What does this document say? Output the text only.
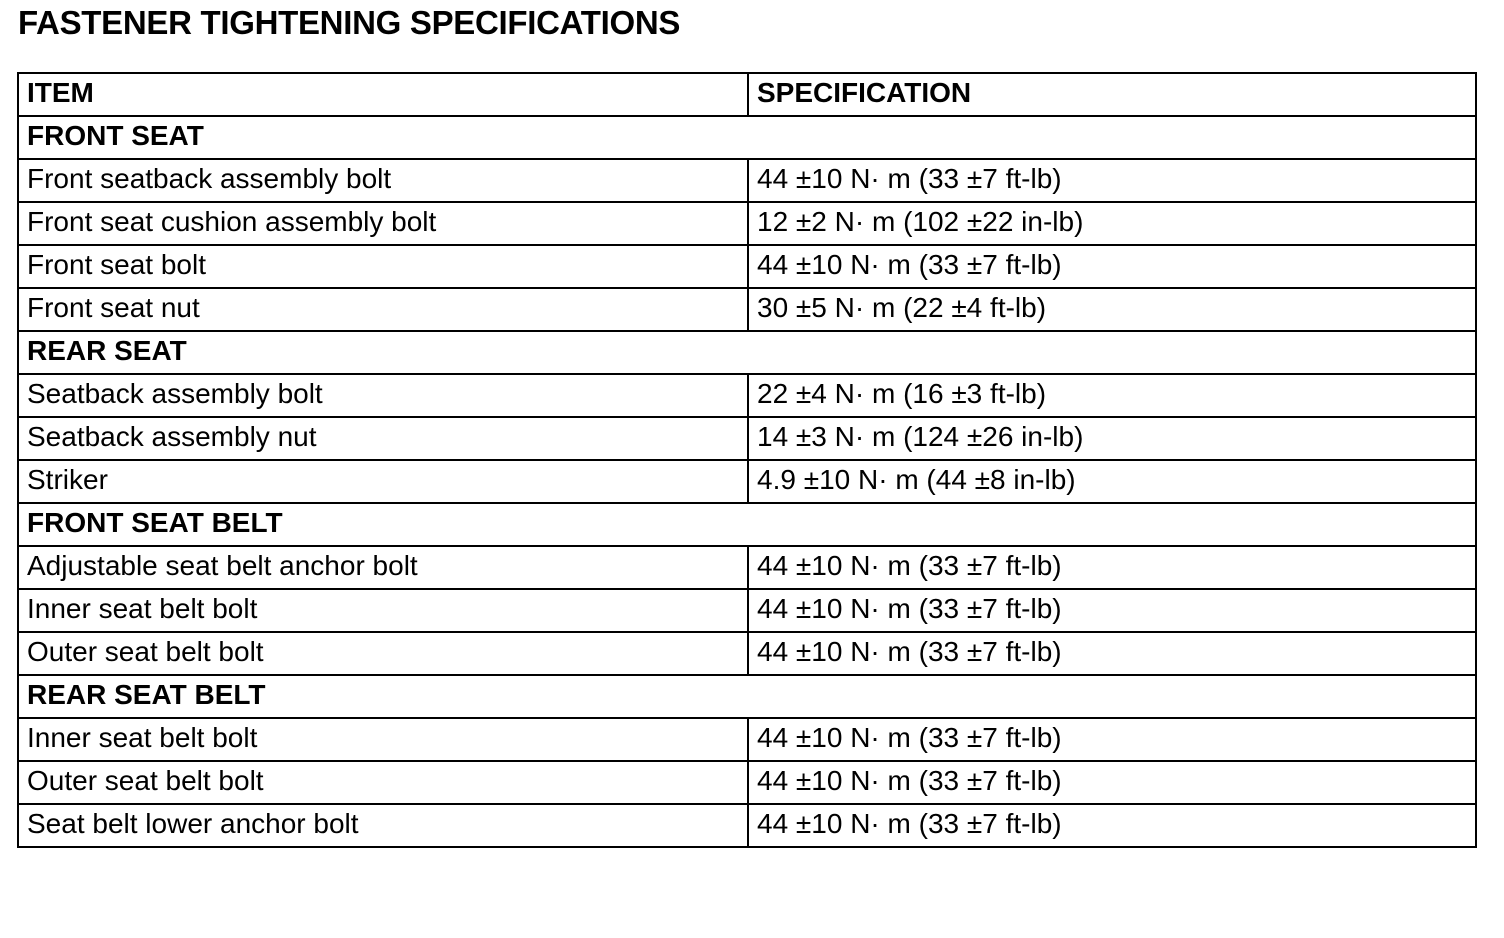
FASTENER TIGHTENING SPECIFICATIONS
ITEM	SPECIFICATION
FRONT SEAT	
Front seatback assembly bolt	44 ±10 N· m (33 ±7 ft-lb)
Front seat cushion assembly bolt	12 ±2 N· m (102 ±22 in-lb)
Front seat bolt	44 ±10 N· m (33 ±7 ft-lb)
Front seat nut	30 ±5 N· m (22 ±4 ft-lb)
REAR SEAT	
Seatback assembly bolt	22 ±4 N· m (16 ±3 ft-lb)
Seatback assembly nut	14 ±3 N· m (124 ±26 in-lb)
Striker	4.9 ±10 N· m (44 ±8 in-lb)
FRONT SEAT BELT	
Adjustable seat belt anchor bolt	44 ±10 N· m (33 ±7 ft-lb)
Inner seat belt bolt	44 ±10 N· m (33 ±7 ft-lb)
Outer seat belt bolt	44 ±10 N· m (33 ±7 ft-lb)
REAR SEAT BELT	
Inner seat belt bolt	44 ±10 N· m (33 ±7 ft-lb)
Outer seat belt bolt	44 ±10 N· m (33 ±7 ft-lb)
Seat belt lower anchor bolt	44 ±10 N· m (33 ±7 ft-lb)
